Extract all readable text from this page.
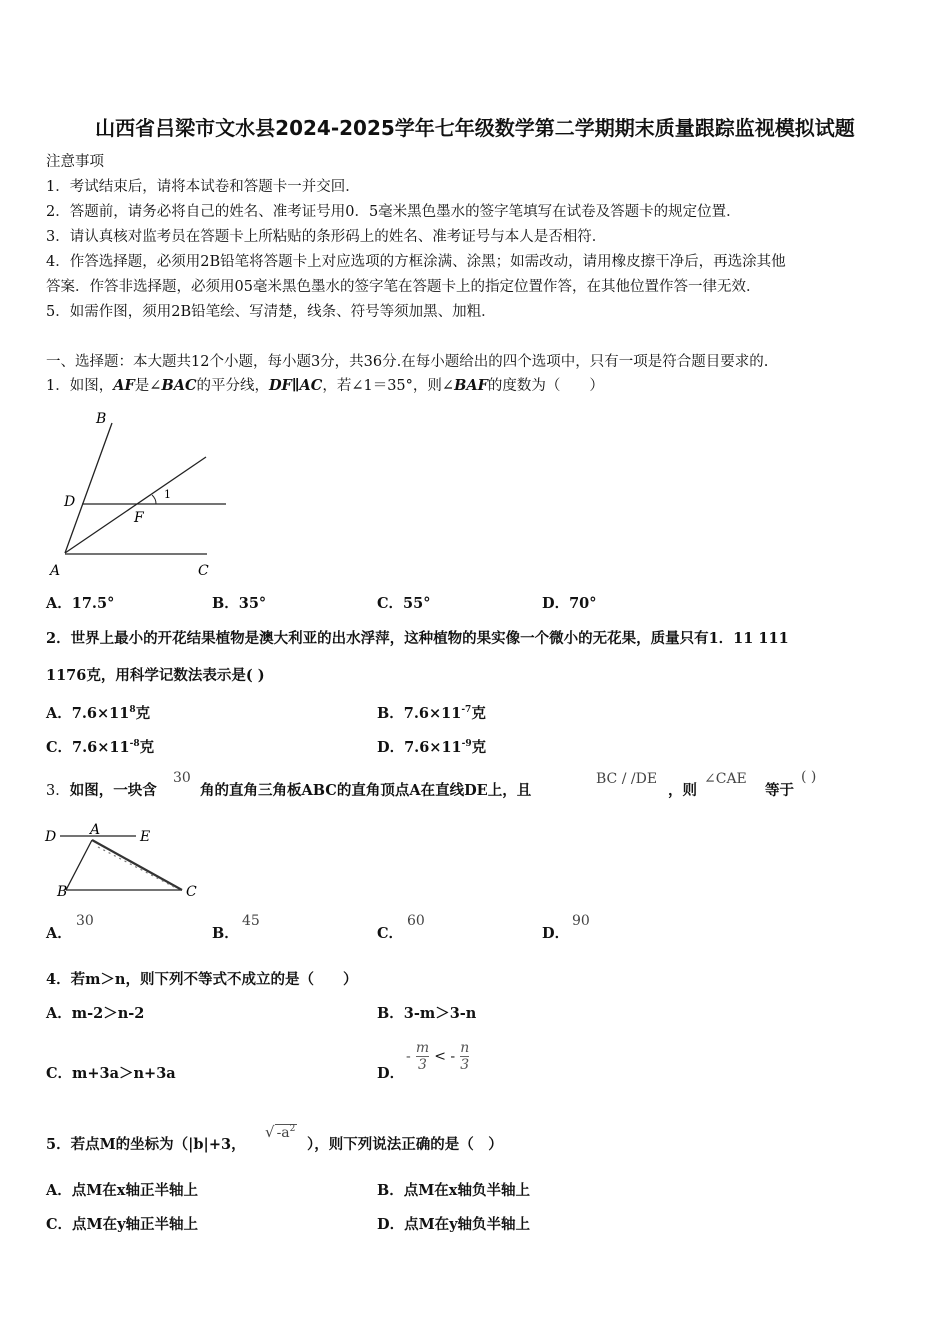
山西省吕梁市文水县2024-2025学年七年级数学第二学期期末质量跟踪监视模拟试题
注意事项
1．考试结束后，请将本试卷和答题卡一并交回．
2．答题前，请务必将自己的姓名、准考证号用0．5毫米黑色墨水的签字笔填写在试卷及答题卡的规定位置．
3．请认真核对监考员在答题卡上所粘贴的条形码上的姓名、准考证号与本人是否相符．
4．作答选择题，必须用2B铅笔将答题卡上对应选项的方框涂满、涂黑；如需改动，请用橡皮擦干净后，再选涂其他
答案．作答非选择题，必须用05毫米黑色墨水的签字笔在答题卡上的指定位置作答，在其他位置作答一律无效．
5．如需作图，须用2B铅笔绘、写清楚，线条、符号等须加黑、加粗．
一、选择题：本大题共12个小题，每小题3分，共36分.在每小题给出的四个选项中，只有一项是符合题目要求的.
1．如图，AF是∠BAC的平分线，DF∥AC，若∠1＝35°，则∠BAF的度数为（　　）
B
D
F
1
A	C
A．17.5°	B．35°	C．55°	D．70°
2．世界上最小的开花结果植物是澳大利亚的出水浮萍，这种植物的果实像一个微小的无花果，质量只有1．11 111
1176克，用科学记数法表示是( )
A．$7.6\times 11^8$克	B．$7.6\times 11^{-7}$克
C．$7.6\times 11^{-8}$克	D．$7.6\times 11^{-9}$克
3．如图，一块含
30
角的直角三角板ABC的直角顶点A在直线DE上，且
BC / /DE
，则
∠CAE
等于
( )
D A	E
B	C
A．
30
B．
45
C．
60
D．
90
4．若m＞n，则下列不等式不成立的是（　　）
A．m-2＞n-2	B．3-m＞3-n
C．m+3a＞n+3a	D．
- $\frac{m}{3}$ < - $\frac{n}{3}$
5．若点M的坐标为（|b|+3，
√ $-a^2$
），则下列说法正确的是（　）
A．点M在x轴正半轴上	B．点M在x轴负半轴上
C．点M在y轴正半轴上	D．点M在y轴负半轴上
